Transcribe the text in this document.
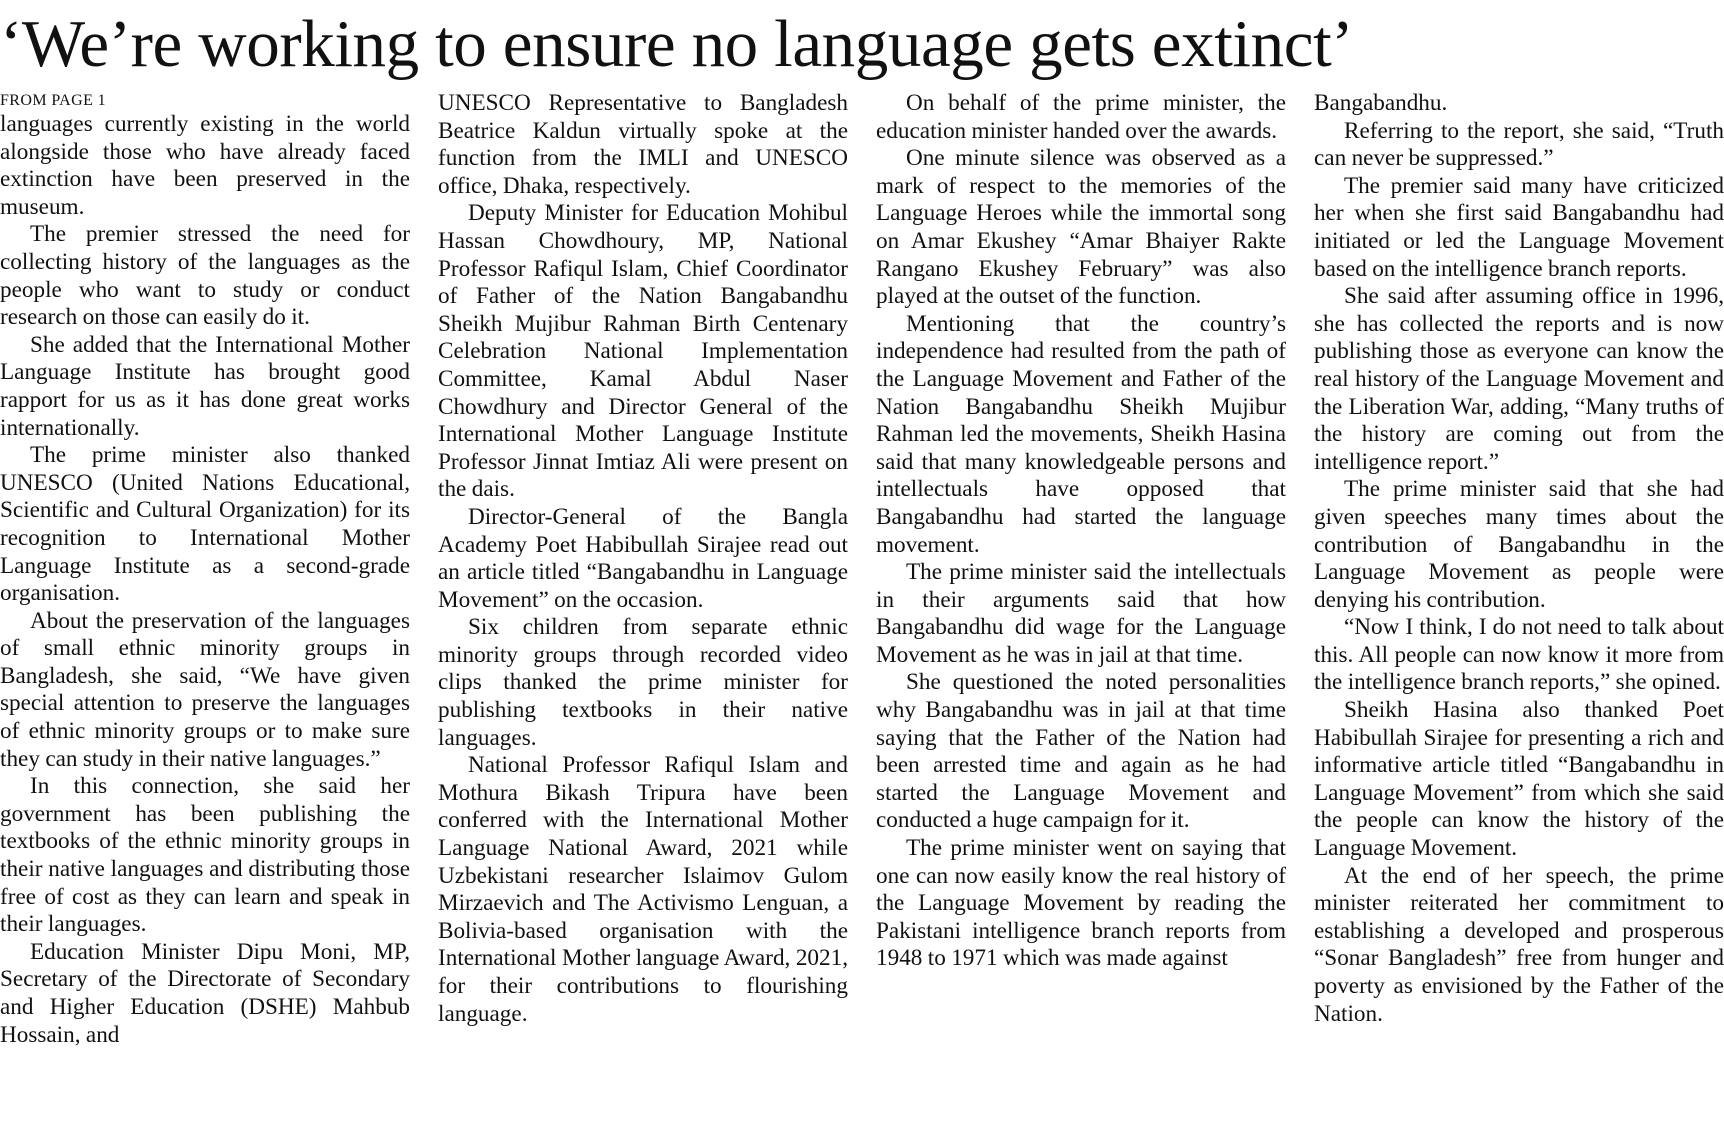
‘We’re working to ensure no language gets extinct’
FROM PAGE 1

languages currently existing in the world alongside those who have already faced extinction have been preserved in the museum.

The premier stressed the need for collecting history of the languages as the people who want to study or conduct research on those can easily do it.

She added that the International Mother Language Institute has brought good rapport for us as it has done great works internationally.

The prime minister also thanked UNESCO (United Nations Educational, Scientific and Cultural Organization) for its recognition to International Mother Language Institute as a second-grade organisation.

About the preservation of the languages of small ethnic minority groups in Bangladesh, she said, “We have given special attention to preserve the languages of ethnic minority groups or to make sure they can study in their native languages.”

In this connection, she said her government has been publishing the textbooks of the ethnic minority groups in their native languages and distributing those free of cost as they can learn and speak in their languages.

Education Minister Dipu Moni, MP, Secretary of the Directorate of Secondary and Higher Education (DSHE) Mahbub Hossain, and

UNESCO Representative to Bangladesh Beatrice Kaldun virtually spoke at the function from the IMLI and UNESCO office, Dhaka, respectively.

Deputy Minister for Education Mohibul Hassan Chowdhoury, MP, National Professor Rafiqul Islam, Chief Coordinator of Father of the Nation Bangabandhu Sheikh Mujibur Rahman Birth Centenary Celebration National Implementation Committee, Kamal Abdul Naser Chowdhury and Director General of the International Mother Language Institute Professor Jinnat Imtiaz Ali were present on the dais.

Director-General of the Bangla Academy Poet Habibullah Sirajee read out an article titled “Bangabandhu in Language Movement” on the occasion.

Six children from separate ethnic minority groups through recorded video clips thanked the prime minister for publishing textbooks in their native languages.

National Professor Rafiqul Islam and Mothura Bikash Tripura have been conferred with the International Mother Language National Award, 2021 while Uzbekistani researcher Islaimov Gulom Mirzaevich and The Activismo Lenguan, a Bolivia-based organisation with the International Mother language Award, 2021, for their contributions to flourishing language.

On behalf of the prime minister, the education minister handed over the awards.

One minute silence was observed as a mark of respect to the memories of the Language Heroes while the immortal song on Amar Ekushey “Amar Bhaiyer Rakte Rangano Ekushey February” was also played at the outset of the function.

Mentioning that the country’s independence had resulted from the path of the Language Movement and Father of the Nation Bangabandhu Sheikh Mujibur Rahman led the movements, Sheikh Hasina said that many knowledgeable persons and intellectuals have opposed that Bangabandhu had started the language movement.

The prime minister said the intellectuals in their arguments said that how Bangabandhu did wage for the Language Movement as he was in jail at that time.

She questioned the noted personalities why Bangabandhu was in jail at that time saying that the Father of the Nation had been arrested time and again as he had started the Language Movement and conducted a huge campaign for it.

The prime minister went on saying that one can now easily know the real history of the Language Movement by reading the Pakistani intelligence branch reports from 1948 to 1971 which was made against

Bangabandhu.

Referring to the report, she said, “Truth can never be suppressed.”

The premier said many have criticized her when she first said Bangabandhu had initiated or led the Language Movement based on the intelligence branch reports.

She said after assuming office in 1996, she has collected the reports and is now publishing those as everyone can know the real history of the Language Movement and the Liberation War, adding, “Many truths of the history are coming out from the intelligence report.”

The prime minister said that she had given speeches many times about the contribution of Bangabandhu in the Language Movement as people were denying his contribution.

“Now I think, I do not need to talk about this. All people can now know it more from the intelligence branch reports,” she opined.

Sheikh Hasina also thanked Poet Habibullah Sirajee for presenting a rich and informative article titled “Bangabandhu in Language Movement” from which she said the people can know the history of the Language Movement.

At the end of her speech, the prime minister reiterated her commitment to establishing a developed and prosperous “Sonar Bangladesh” free from hunger and poverty as envisioned by the Father of the Nation.
